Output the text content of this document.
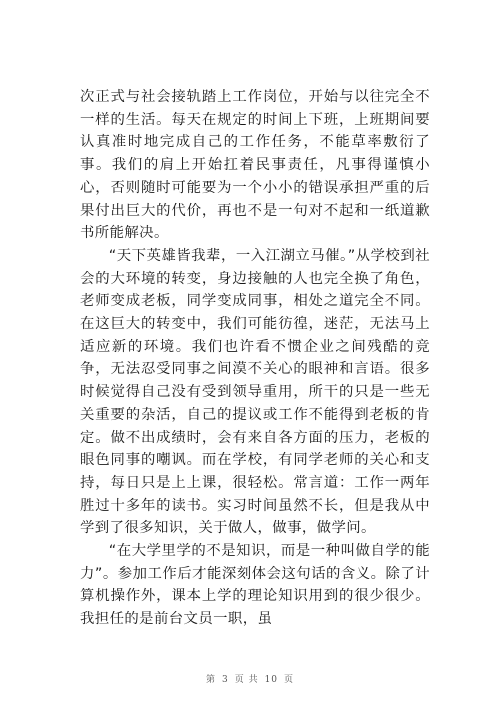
次正式与社会接轨踏上工作岗位，开始与以往完全不一样的生活。每天在规定的时间上下班，上班期间要认真准时地完成自己的工作任务，不能草率敷衍了事。我们的肩上开始扛着民事责任，凡事得谨慎小心，否则随时可能要为一个小小的错误承担严重的后果付出巨大的代价，再也不是一句对不起和一纸道歉书所能解决。

“天下英雄皆我辈，一入江湖立马催。”从学校到社会的大环境的转变，身边接触的人也完全换了角色，老师变成老板，同学变成同事，相处之道完全不同。在这巨大的转变中，我们可能彷徨，迷茫，无法马上适应新的环境。我们也许看不惯企业之间残酷的竞争，无法忍受同事之间漠不关心的眼神和言语。很多时候觉得自己没有受到领导重用，所干的只是一些无关重要的杂活，自己的提议或工作不能得到老板的肯定。做不出成绩时，会有来自各方面的压力，老板的眼色同事的嘲讽。而在学校，有同学老师的关心和支持，每日只是上上课，很轻松。常言道：工作一两年胜过十多年的读书。实习时间虽然不长，但是我从中学到了很多知识，关于做人，做事，做学问。

“在大学里学的不是知识，而是一种叫做自学的能力”。参加工作后才能深刻体会这句话的含义。除了计算机操作外，课本上学的理论知识用到的很少很少。我担任的是前台文员一职，虽

第 3 页 共 10 页
